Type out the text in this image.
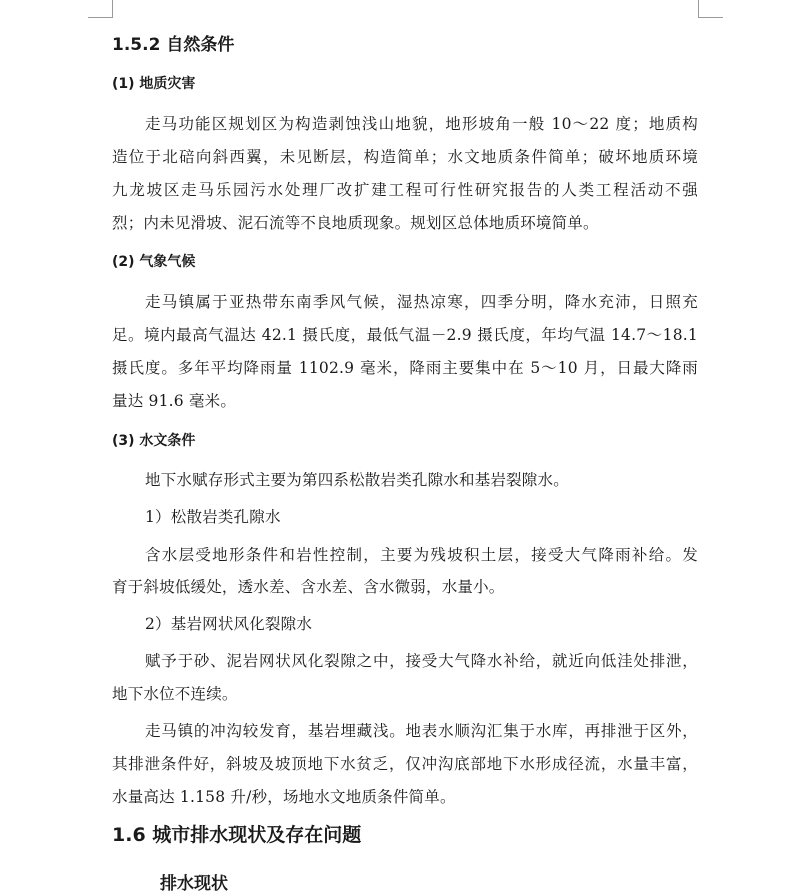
1.5.2 自然条件
(1) 地质灾害
走马功能区规划区为构造剥蚀浅山地貌，地形坡角一般 10～22 度；地质构
造位于北碚向斜西翼，未见断层，构造简单；水文地质条件简单；破坏地质环境
九龙坡区走马乐园污水处理厂改扩建工程可行性研究报告的人类工程活动不强
烈；内未见滑坡、泥石流等不良地质现象。规划区总体地质环境简单。
(2) 气象气候
走马镇属于亚热带东南季风气候，湿热凉寒，四季分明，降水充沛，日照充
足。境内最高气温达 42.1 摄氏度，最低气温－2.9 摄氏度，年均气温 14.7～18.1
摄氏度。多年平均降雨量 1102.9 毫米，降雨主要集中在 5～10 月，日最大降雨
量达 91.6 毫米。
(3) 水文条件
地下水赋存形式主要为第四系松散岩类孔隙水和基岩裂隙水。
1）松散岩类孔隙水
含水层受地形条件和岩性控制，主要为残坡积土层，接受大气降雨补给。发
育于斜坡低缓处，透水差、含水差、含水微弱，水量小。
2）基岩网状风化裂隙水
赋予于砂、泥岩网状风化裂隙之中，接受大气降水补给，就近向低洼处排泄，
地下水位不连续。
走马镇的冲沟较发育，基岩埋藏浅。地表水顺沟汇集于水库，再排泄于区外，
其排泄条件好，斜坡及坡顶地下水贫乏，仅冲沟底部地下水形成径流，水量丰富，
水量高达 1.158 升/秒，场地水文地质条件简单。
1.6 城市排水现状及存在问题
排水现状
